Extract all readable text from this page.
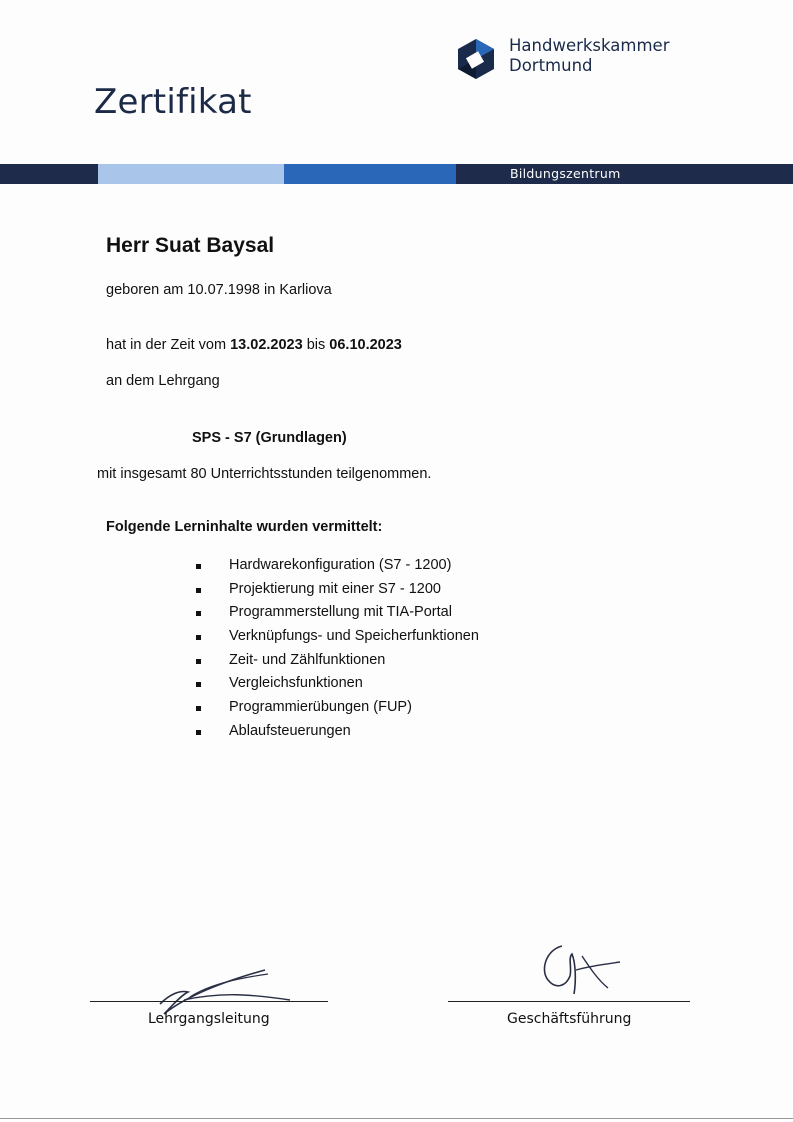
Handwerkskammer
Dortmund
Zertifikat
Bildungszentrum
Herr Suat Baysal
geboren am 10.07.1998 in Karliova
hat in der Zeit vom 13.02.2023 bis 06.10.2023
an dem Lehrgang
SPS - S7 (Grundlagen)
mit insgesamt 80 Unterrichtsstunden teilgenommen.
Folgende Lerninhalte wurden vermittelt:
Hardwarekonfiguration (S7 - 1200)
Projektierung mit einer S7 - 1200
Programmerstellung mit TIA-Portal
Verknüpfungs- und Speicherfunktionen
Zeit- und Zählfunktionen
Vergleichsfunktionen
Programmierübungen (FUP)
Ablaufsteuerungen
Lehrgangsleitung	Geschäftsführung
